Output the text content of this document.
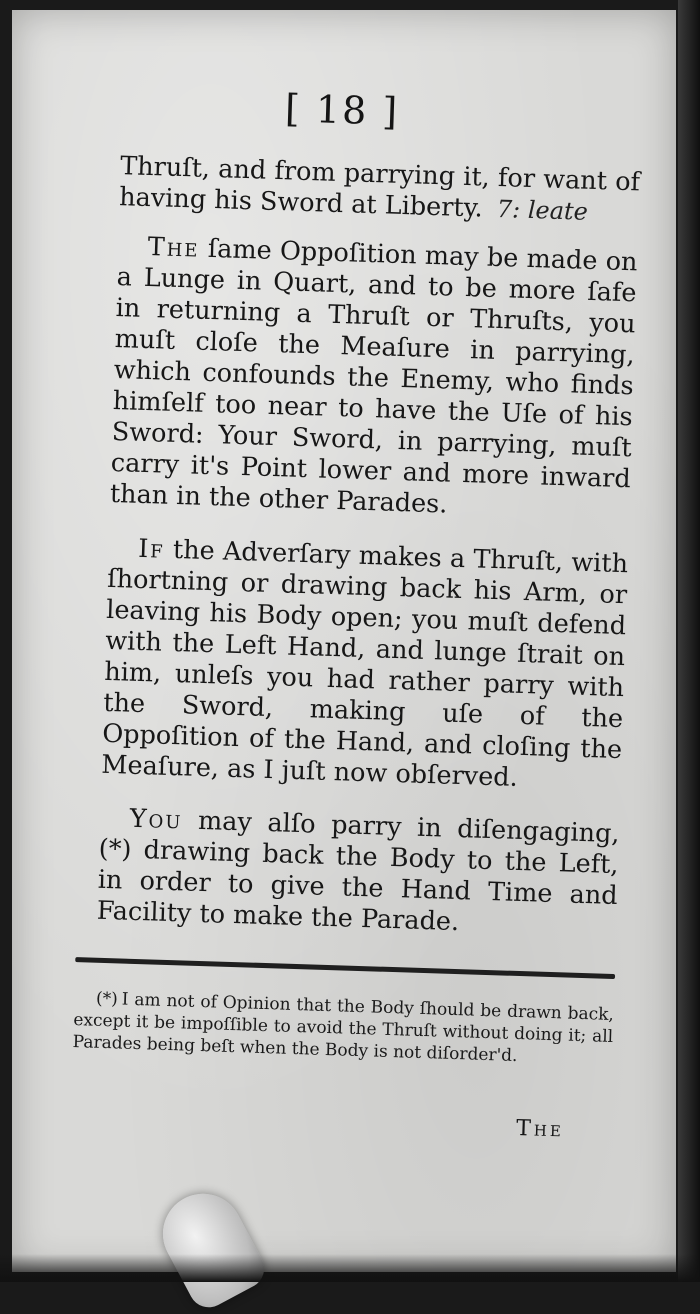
[ 18 ]

Thruſt, and from parrying it, for want of having his Sword at Liberty. 7: leate

The ſame Oppoſition may be made on a Lunge in Quart, and to be more ſafe in returning a Thruſt or Thruſts, you muſt cloſe the Meaſure in parrying, which confounds the Enemy, who finds himſelf too near to have the Uſe of his Sword: Your Sword, in parrying, muſt carry it's Point lower and more inward than in the other Parades.

If the Adverſary makes a Thruſt, with ſhortning or drawing back his Arm, or leaving his Body open; you muſt defend with the Left Hand, and lunge ſtrait on him, unleſs you had rather parry with the Sword, making uſe of the Oppoſition of the Hand, and cloſing the Meaſure, as I juſt now obſerved.

You may alſo parry in diſengaging, (*) drawing back the Body to the Left, in order to give the Hand Time and Facility to make the Parade.

(*) I am not of Opinion that the Body ſhould be drawn back, except it be impoſſible to avoid the Thruſt without doing it; all Parades being beſt when the Body is not diſorder'd.

The
